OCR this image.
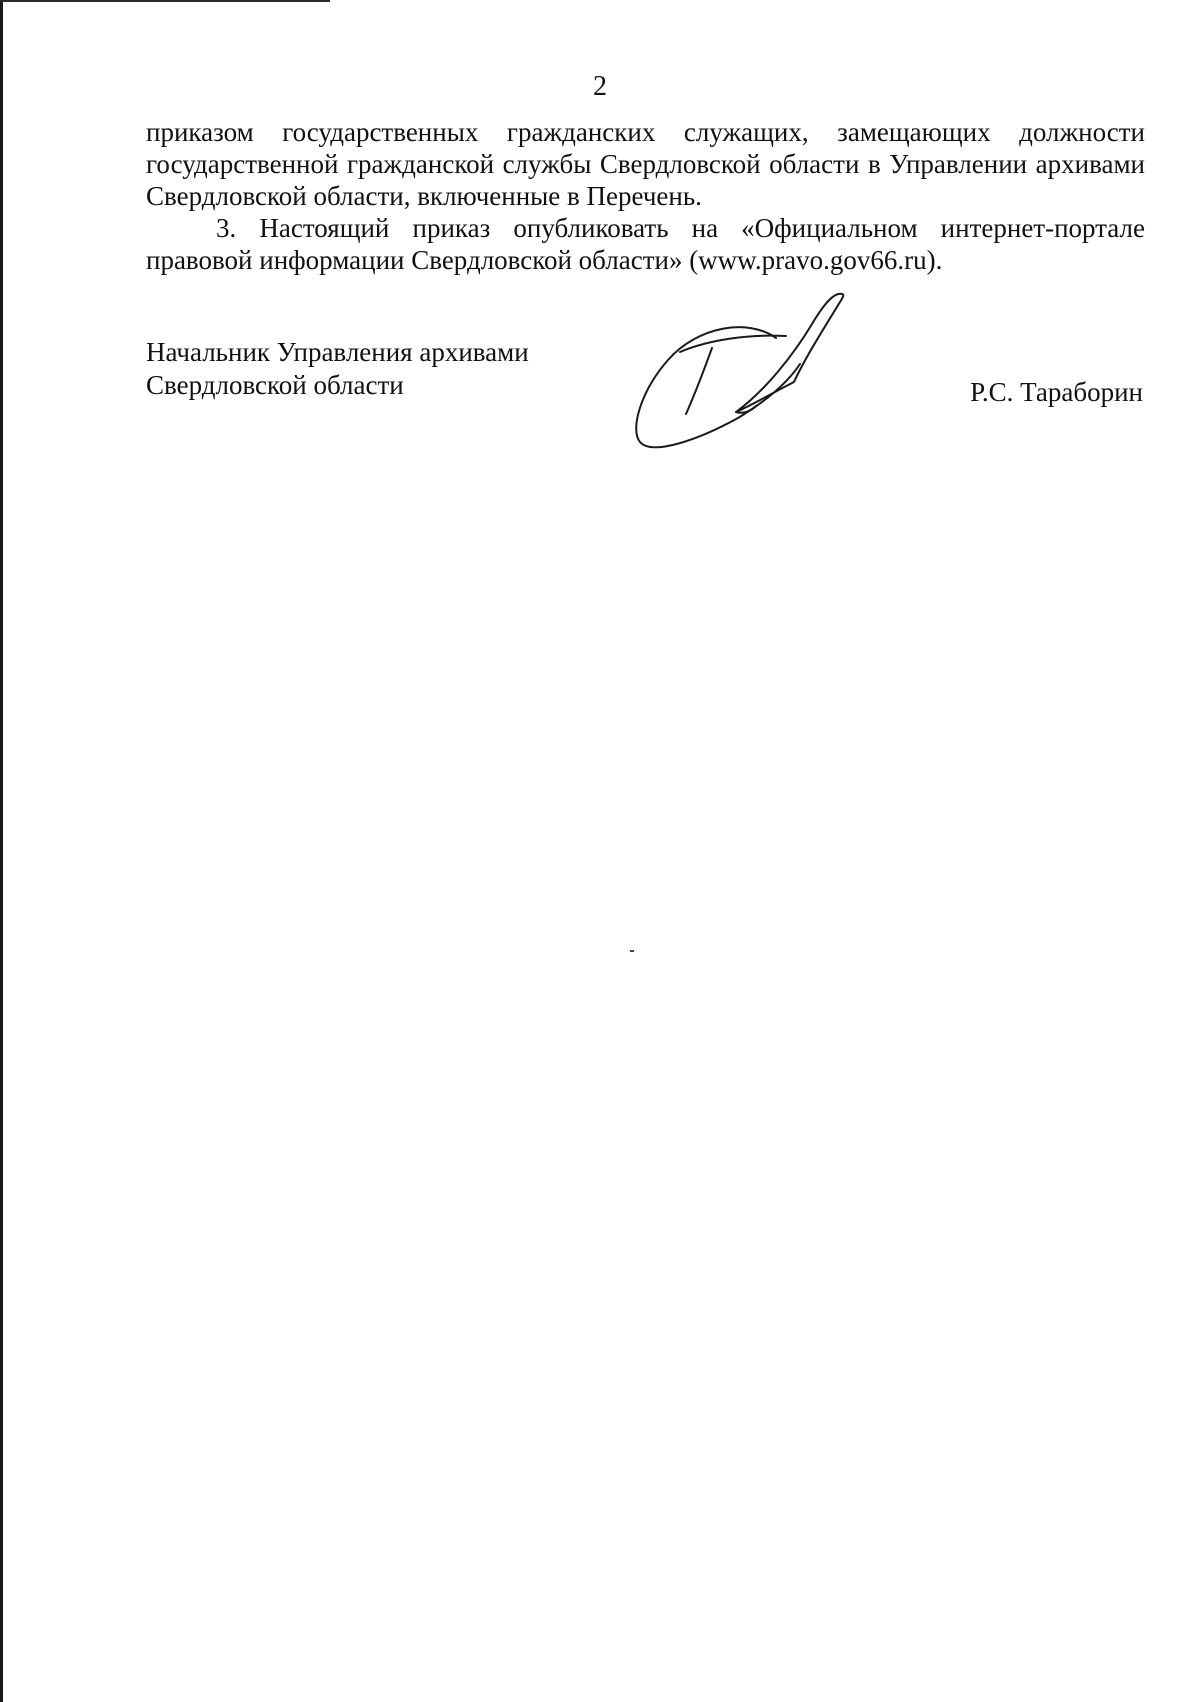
2

приказом государственных гражданских служащих, замещающих должности государственной гражданской службы Свердловской области в Управлении архивами Свердловской области, включенные в Перечень.

3. Настоящий приказ опубликовать на «Официальном интернет-портале правовой информации Свердловской области» (www.pravo.gov66.ru).

Начальник Управления архивами
Свердловской области	Р.С. Тараборин
